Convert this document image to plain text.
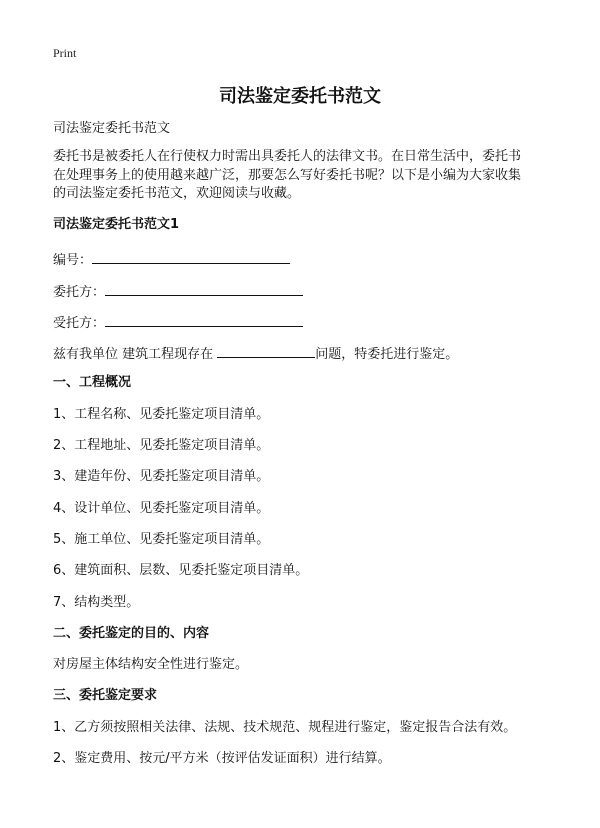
Print
司法鉴定委托书范文
司法鉴定委托书范文
委托书是被委托人在行使权力时需出具委托人的法律文书。在日常生活中，委托书
在处理事务上的使用越来越广泛，那要怎么写好委托书呢？以下是小编为大家收集
的司法鉴定委托书范文，欢迎阅读与收藏。
司法鉴定委托书范文1
编号：
委托方：
受托方：
兹有我单位 建筑工程现存在	问题，特委托进行鉴定。
一、工程概况
1、工程名称、见委托鉴定项目清单。
2、工程地址、见委托鉴定项目清单。
3、建造年份、见委托鉴定项目清单。
4、设计单位、见委托鉴定项目清单。
5、施工单位、见委托鉴定项目清单。
6、建筑面积、层数、见委托鉴定项目清单。
7、结构类型。
二、委托鉴定的目的、内容
对房屋主体结构安全性进行鉴定。
三、委托鉴定要求
1、乙方须按照相关法律、法规、技术规范、规程进行鉴定，鉴定报告合法有效。
2、鉴定费用、按元/平方米（按评估发证面积）进行结算。
